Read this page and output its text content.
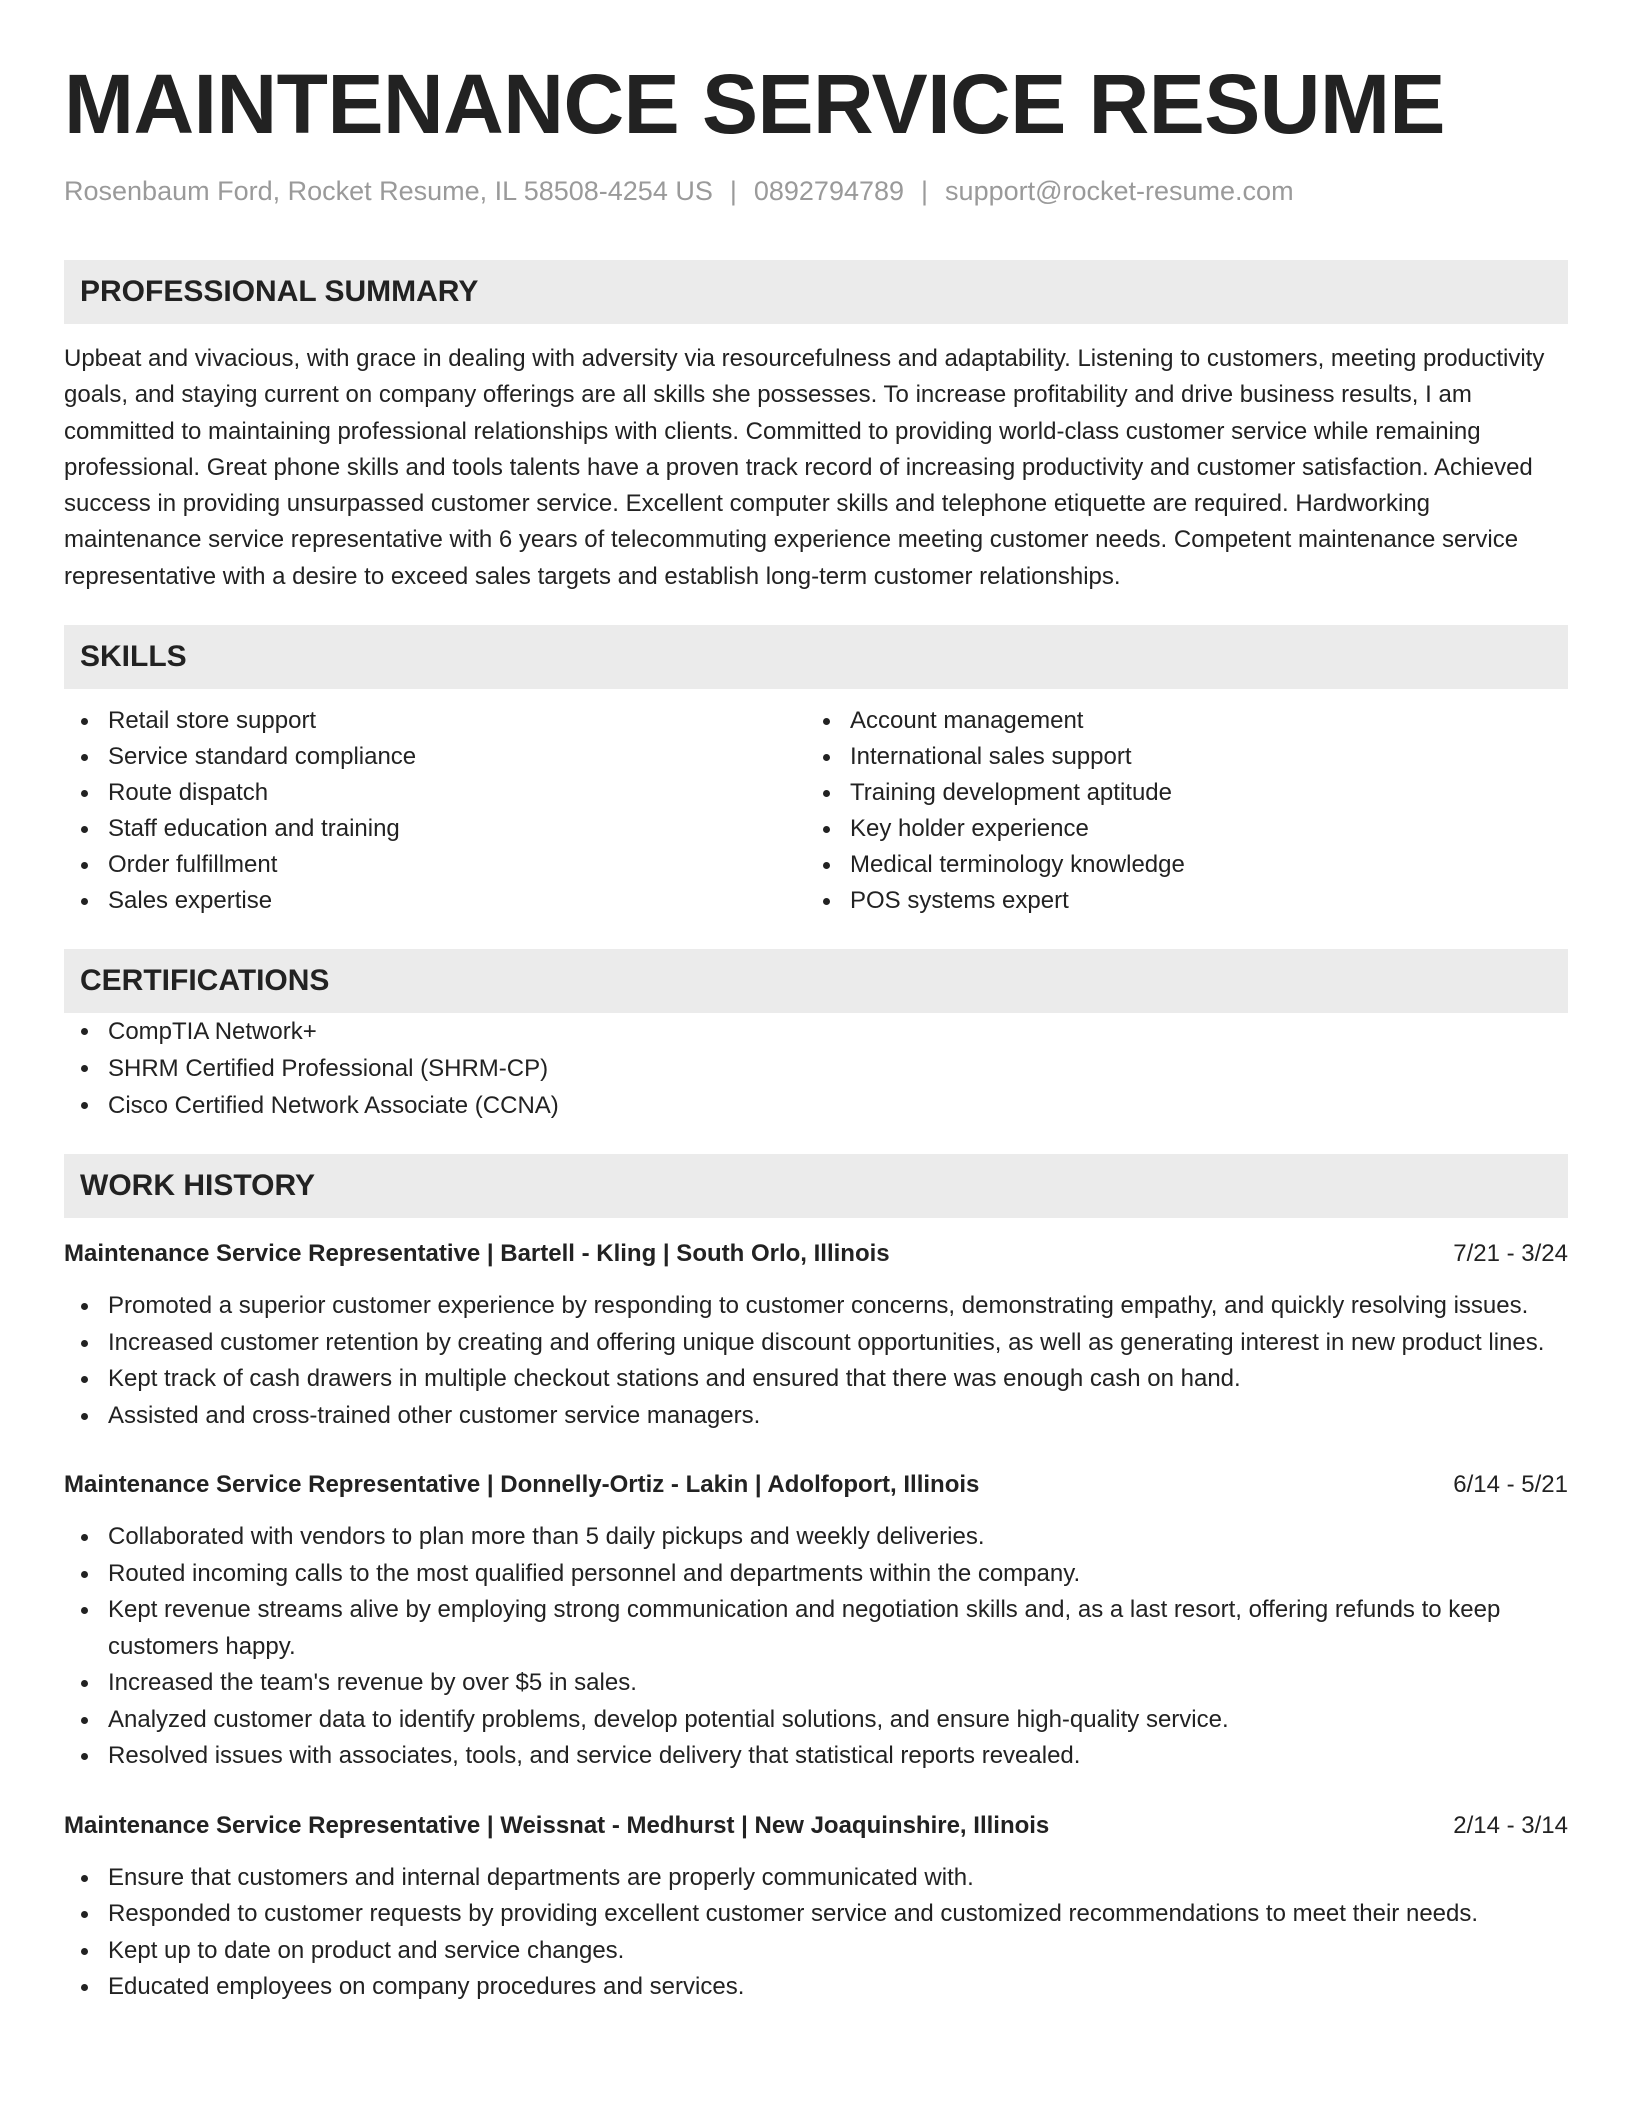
MAINTENANCE SERVICE RESUME
Rosenbaum Ford, Rocket Resume, IL 58508-4254 US | 0892794789 | support@rocket-resume.com
PROFESSIONAL SUMMARY
Upbeat and vivacious, with grace in dealing with adversity via resourcefulness and adaptability. Listening to customers, meeting productivity goals, and staying current on company offerings are all skills she possesses. To increase profitability and drive business results, I am committed to maintaining professional relationships with clients. Committed to providing world-class customer service while remaining professional. Great phone skills and tools talents have a proven track record of increasing productivity and customer satisfaction. Achieved success in providing unsurpassed customer service. Excellent computer skills and telephone etiquette are required. Hardworking maintenance service representative with 6 years of telecommuting experience meeting customer needs. Competent maintenance service representative with a desire to exceed sales targets and establish long-term customer relationships.
SKILLS
Retail store support
Service standard compliance
Route dispatch
Staff education and training
Order fulfillment
Sales expertise
Account management
International sales support
Training development aptitude
Key holder experience
Medical terminology knowledge
POS systems expert
CERTIFICATIONS
CompTIA Network+
SHRM Certified Professional (SHRM-CP)
Cisco Certified Network Associate (CCNA)
WORK HISTORY
Maintenance Service Representative | Bartell - Kling | South Orlo, Illinois	7/21 - 3/24
Promoted a superior customer experience by responding to customer concerns, demonstrating empathy, and quickly resolving issues.
Increased customer retention by creating and offering unique discount opportunities, as well as generating interest in new product lines.
Kept track of cash drawers in multiple checkout stations and ensured that there was enough cash on hand.
Assisted and cross-trained other customer service managers.
Maintenance Service Representative | Donnelly-Ortiz - Lakin | Adolfoport, Illinois	6/14 - 5/21
Collaborated with vendors to plan more than 5 daily pickups and weekly deliveries.
Routed incoming calls to the most qualified personnel and departments within the company.
Kept revenue streams alive by employing strong communication and negotiation skills and, as a last resort, offering refunds to keep customers happy.
Increased the team's revenue by over $5 in sales.
Analyzed customer data to identify problems, develop potential solutions, and ensure high-quality service.
Resolved issues with associates, tools, and service delivery that statistical reports revealed.
Maintenance Service Representative | Weissnat - Medhurst | New Joaquinshire, Illinois	2/14 - 3/14
Ensure that customers and internal departments are properly communicated with.
Responded to customer requests by providing excellent customer service and customized recommendations to meet their needs.
Kept up to date on product and service changes.
Educated employees on company procedures and services.
